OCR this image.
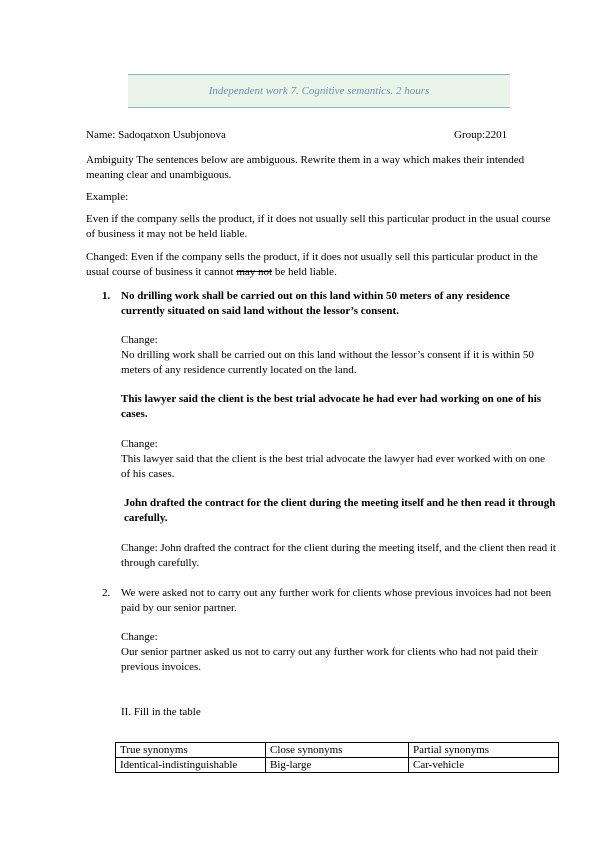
Independent work 7. Cognitive semantics. 2 hours

Name: Sadoqatxon Usubjonova	Group:2201

Ambiguity The sentences below are ambiguous. Rewrite them in a way which makes their intended meaning clear and unambiguous.

Example:

Even if the company sells the product, if it does not usually sell this particular product in the usual course of business it may not be held liable.

Changed: Even if the company sells the product, if it does not usually sell this particular product in the usual course of business it cannot may not be held liable.

1. No drilling work shall be carried out on this land within 50 meters of any residence currently situated on said land without the lessor’s consent.

Change:

No drilling work shall be carried out on this land without the lessor’s consent if it is within 50 meters of any residence currently located on the land.

This lawyer said the client is the best trial advocate he had ever had working on one of his cases.

Change:

This lawyer said that the client is the best trial advocate the lawyer had ever worked with on one of his cases.

John drafted the contract for the client during the meeting itself and he then read it through carefully.

Change: John drafted the contract for the client during the meeting itself, and the client then read it through carefully.

2. We were asked not to carry out any further work for clients whose previous invoices had not been paid by our senior partner.

Change:

Our senior partner asked us not to carry out any further work for clients who had not paid their previous invoices.

II. Fill in the table

True synonyms	Close synonyms	Partial synonyms
Identical-indistinguishable	Big-large	Car-vehicle
